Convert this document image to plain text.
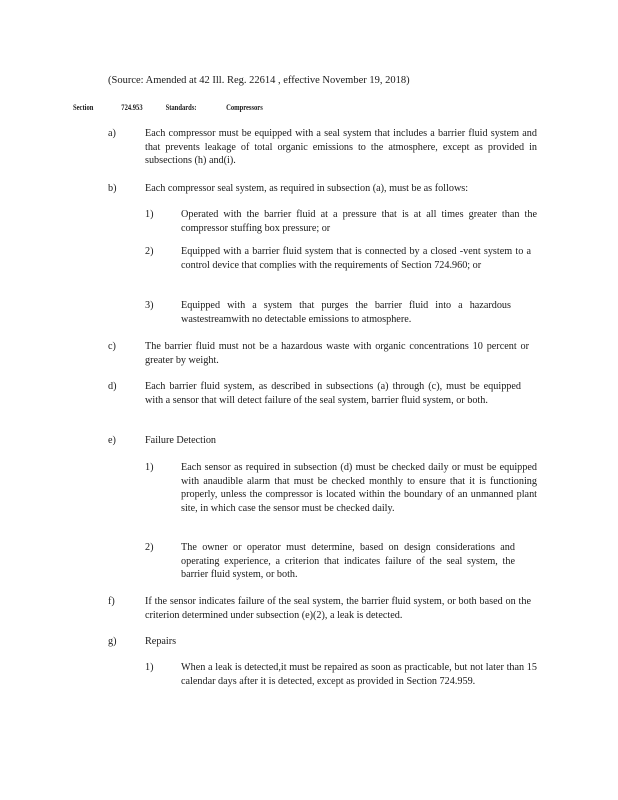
(Source: Amended at 42 Ill. Reg. 22614 , effective November 19, 2018)
Section	724.953	Standards:	Compressors
a)	Each compressor must be equipped with a seal system that includes a barrier fluid system and that prevents leakage of total organic emissions to the atmosphere, except as provided in subsections (h) and(i).
b)	Each compressor seal system, as required in subsection (a), must be as follows:
1)	Operated with the barrier fluid at a pressure that is at all times greater than the compressor stuffing box pressure; or
2)	Equipped with a barrier fluid system that is connected by a closed -vent system to a control device that complies with the requirements of Section 724.960; or
3)	Equipped with a system that purges the barrier fluid into a hazardous wastestreamwith no detectable emissions to atmosphere.
c)	The barrier fluid must not be a hazardous waste with organic concentrations 10 percent or greater by weight.
d)	Each barrier fluid system, as described in subsections (a) through (c), must be equipped with a sensor that will detect failure of the seal system, barrier fluid system, or both.
e)	Failure Detection
1)	Each sensor as required in subsection (d) must be checked daily or must be equipped with anaudible alarm that must be checked monthly to ensure that it is functioning properly, unless the compressor is located within the boundary of an unmanned plant site, in which case the sensor must be checked daily.
2)	The owner or operator must determine, based on design considerations and operating experience, a criterion that indicates failure of the seal system, the barrier fluid system, or both.
f)	If the sensor indicates failure of the seal system, the barrier fluid system, or both based on the criterion determined under subsection (e)(2), a leak is detected.
g)	Repairs
1)	When a leak is detected,it must be repaired as soon as practicable, but not later than 15 calendar days after it is detected, except as provided in Section 724.959.
